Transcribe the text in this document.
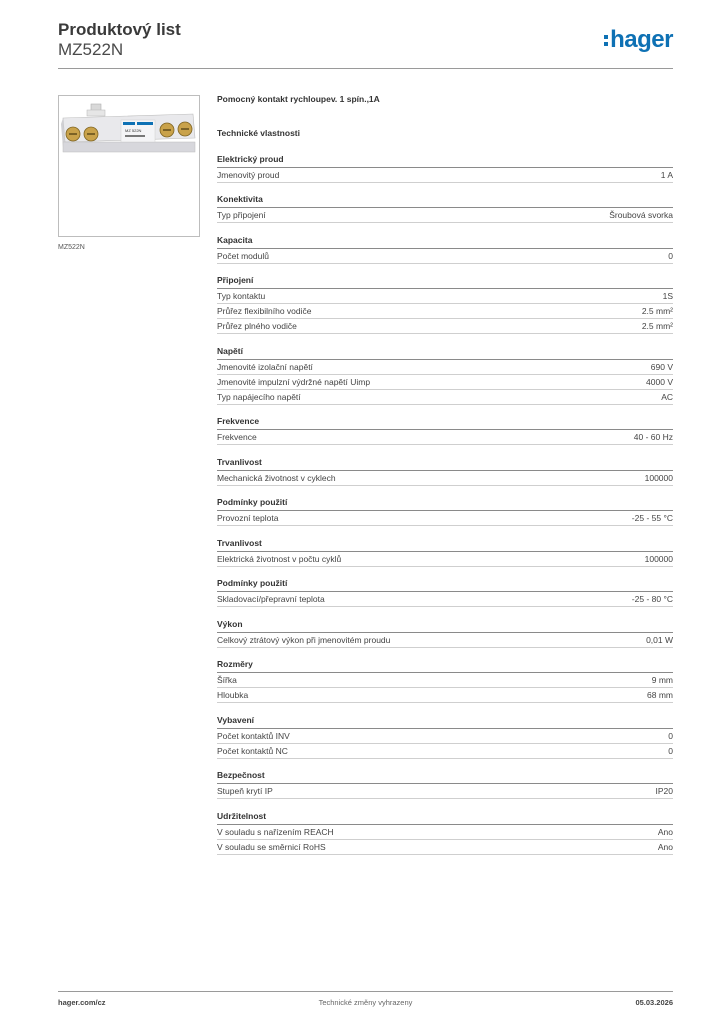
Produktový list
MZ522N	hager
MZ 522N
MZ522N
Pomocný kontakt rychloupev. 1 spín.,1A
Technické vlastnosti
Elektrický proud
Jmenovitý proud	1 A
Konektivita
Typ připojení	Šroubová svorka
Kapacita
Počet modulů	0
Připojení
Typ kontaktu	1S
Průřez flexibilního vodiče	2.5 mm²
Průřez plného vodiče	2.5 mm²
Napětí
Jmenovité izolační napětí	690 V
Jmenovité impulzní výdržné napětí Uimp	4000 V
Typ napájecího napětí	AC
Frekvence
Frekvence	40 - 60 Hz
Trvanlivost
Mechanická životnost v cyklech	100000
Podmínky použití
Provozní teplota	-25 - 55 °C
Trvanlivost
Elektrická životnost v počtu cyklů	100000
Podmínky použití
Skladovací/přepravní teplota	-25 - 80 °C
Výkon
Celkový ztrátový výkon při jmenovitém proudu	0,01 W
Rozměry
Šířka	9 mm
Hloubka	68 mm
Vybavení
Počet kontaktů INV	0
Počet kontaktů NC	0
Bezpečnost
Stupeň krytí IP	IP20
Udržitelnost
V souladu s nařízením REACH	Ano
V souladu se směrnicí RoHS	Ano
hager.com/cz	Technické změny vyhrazeny	05.03.2026
